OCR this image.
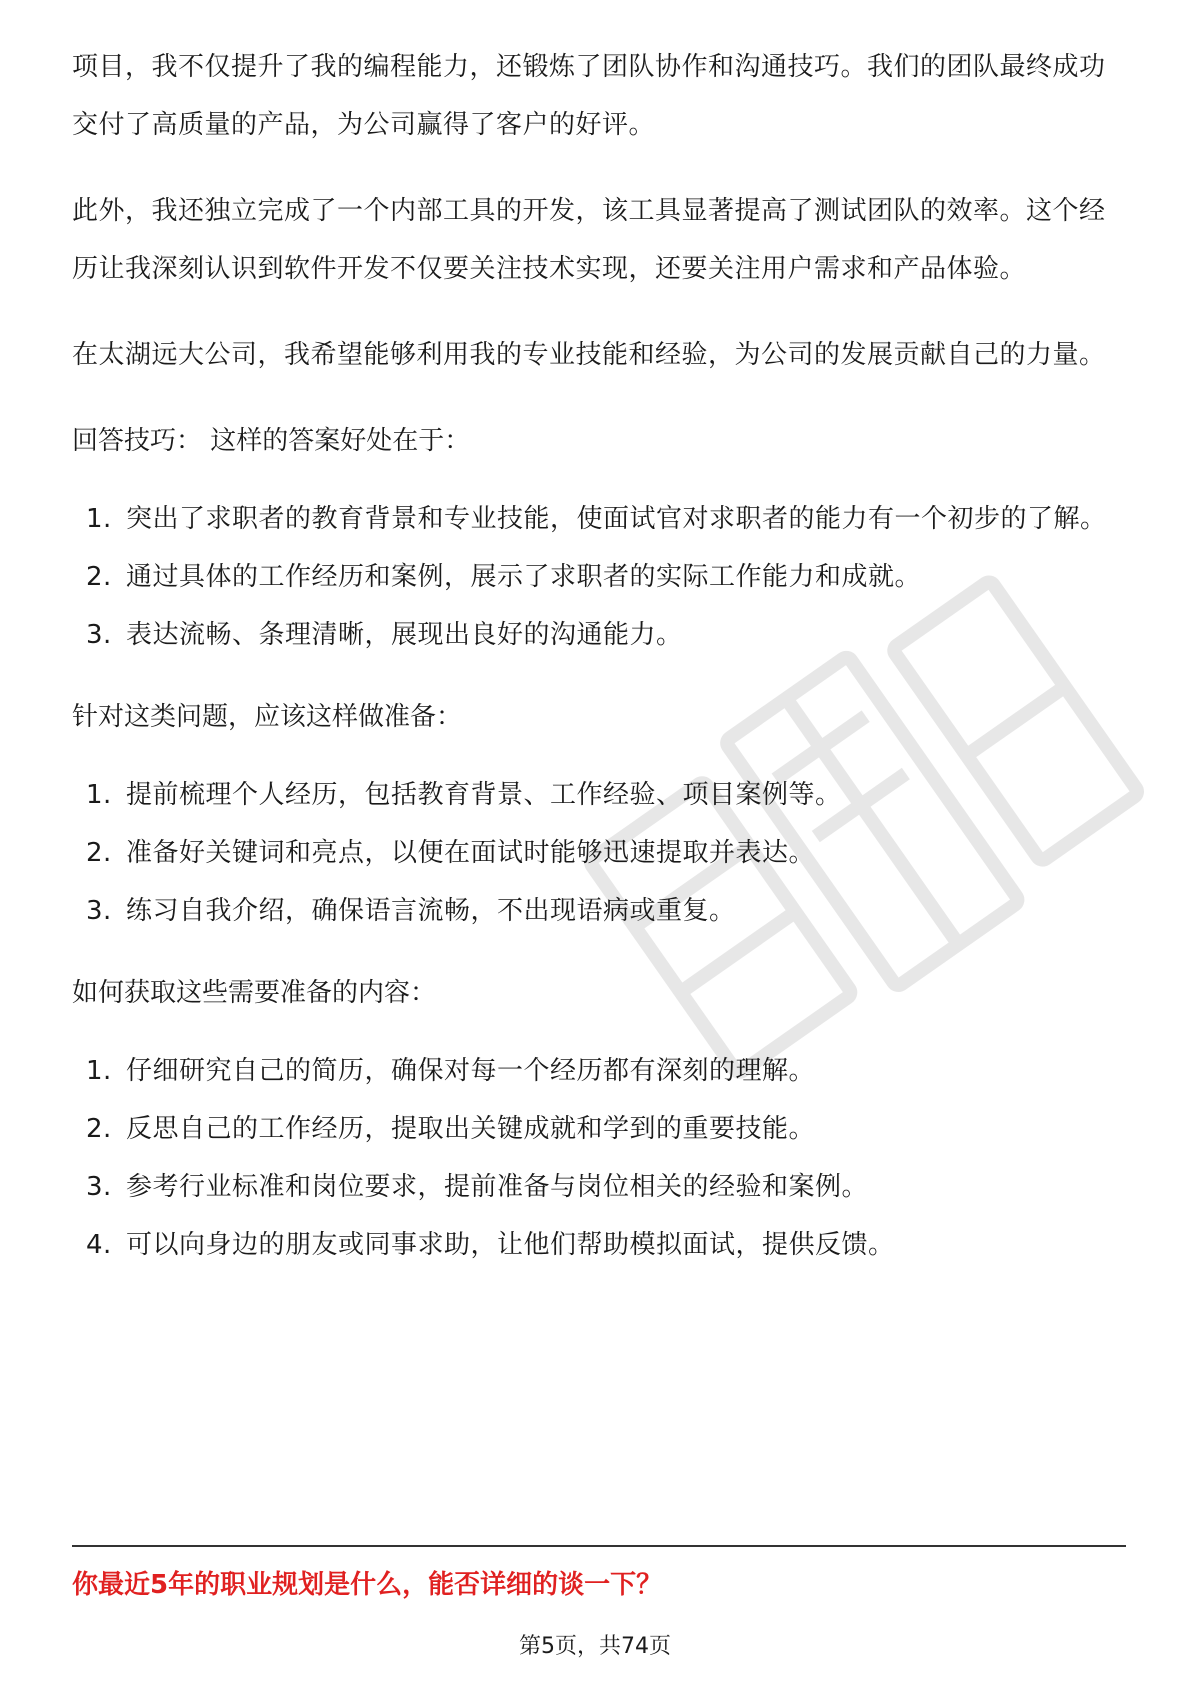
项目，我不仅提升了我的编程能力，还锻炼了团队协作和沟通技巧。我们的团队最终成功交付了高质量的产品，为公司赢得了客户的好评。

此外，我还独立完成了一个内部工具的开发，该工具显著提高了测试团队的效率。这个经历让我深刻认识到软件开发不仅要关注技术实现，还要关注用户需求和产品体验。

在太湖远大公司，我希望能够利用我的专业技能和经验，为公司的发展贡献自己的力量。

回答技巧： 这样的答案好处在于：

1. 突出了求职者的教育背景和专业技能，使面试官对求职者的能力有一个初步的了解。
2. 通过具体的工作经历和案例，展示了求职者的实际工作能力和成就。
3. 表达流畅、条理清晰，展现出良好的沟通能力。

针对这类问题，应该这样做准备：

1. 提前梳理个人经历，包括教育背景、工作经验、项目案例等。
2. 准备好关键词和亮点，以便在面试时能够迅速提取并表达。
3. 练习自我介绍，确保语言流畅，不出现语病或重复。

如何获取这些需要准备的内容：

1. 仔细研究自己的简历，确保对每一个经历都有深刻的理解。
2. 反思自己的工作经历，提取出关键成就和学到的重要技能。
3. 参考行业标准和岗位要求，提前准备与岗位相关的经验和案例。
4. 可以向身边的朋友或同事求助，让他们帮助模拟面试，提供反馈。
你最近5年的职业规划是什么，能否详细的谈一下？
第5页，共74页
